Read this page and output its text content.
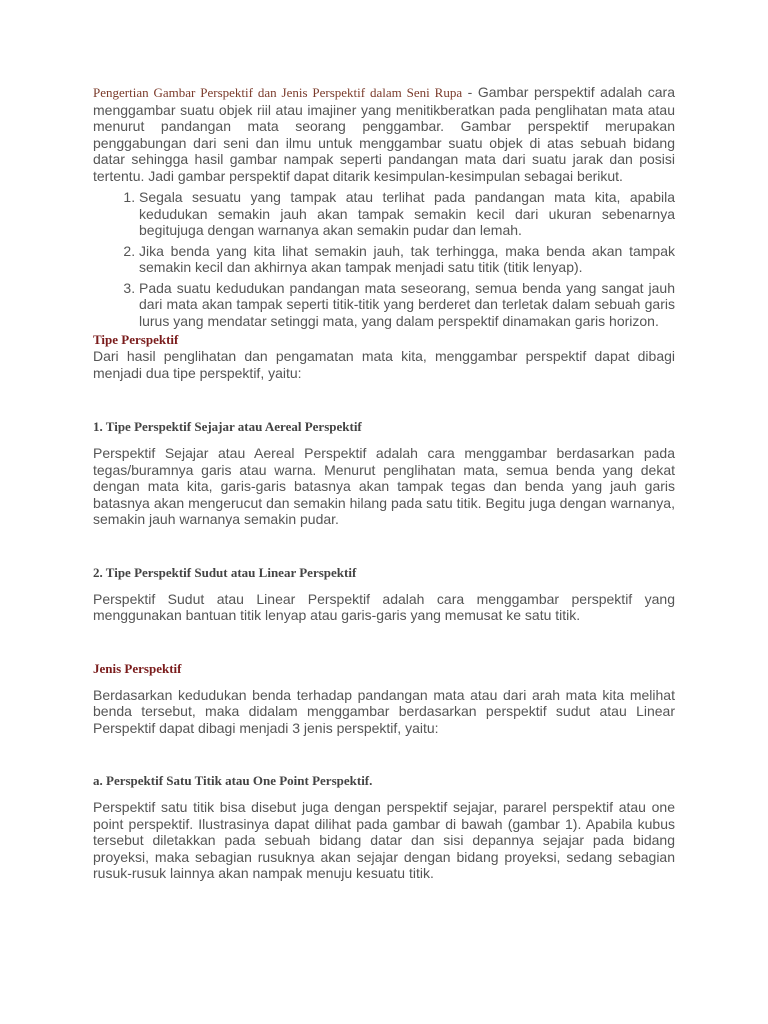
Pengertian Gambar Perspektif dan Jenis Perspektif dalam Seni Rupa - Gambar perspektif adalah cara menggambar suatu objek riil atau imajiner yang menitikberatkan pada penglihatan mata atau menurut pandangan mata seorang penggambar. Gambar perspektif merupakan penggabungan dari seni dan ilmu untuk menggambar suatu objek di atas sebuah bidang datar sehingga hasil gambar nampak seperti pandangan mata dari suatu jarak dan posisi tertentu. Jadi gambar perspektif dapat ditarik kesimpulan-kesimpulan sebagai berikut.

1. Segala sesuatu yang tampak atau terlihat pada pandangan mata kita, apabila kedudukan semakin jauh akan tampak semakin kecil dari ukuran sebenarnya begitujuga dengan warnanya akan semakin pudar dan lemah.
2. Jika benda yang kita lihat semakin jauh, tak terhingga, maka benda akan tampak semakin kecil dan akhirnya akan tampak menjadi satu titik (titik lenyap).
3. Pada suatu kedudukan pandangan mata seseorang, semua benda yang sangat jauh dari mata akan tampak seperti titik-titik yang berderet dan terletak dalam sebuah garis lurus yang mendatar setinggi mata, yang dalam perspektif dinamakan garis horizon.
Tipe Perspektif

Dari hasil penglihatan dan pengamatan mata kita, menggambar perspektif dapat dibagi menjadi dua tipe perspektif, yaitu:

1. Tipe Perspektif Sejajar atau Aereal Perspektif

Perspektif Sejajar atau Aereal Perspektif adalah cara menggambar berdasarkan pada tegas/buramnya garis atau warna. Menurut penglihatan mata, semua benda yang dekat dengan mata kita, garis-garis batasnya akan tampak tegas dan benda yang jauh garis batasnya akan mengerucut dan semakin hilang pada satu titik. Begitu juga dengan warnanya, semakin jauh warnanya semakin pudar.

2. Tipe Perspektif Sudut atau Linear Perspektif

Perspektif Sudut atau Linear Perspektif adalah cara menggambar perspektif yang menggunakan bantuan titik lenyap atau garis-garis yang memusat ke satu titik.

Jenis Perspektif

Berdasarkan kedudukan benda terhadap pandangan mata atau dari arah mata kita melihat benda tersebut, maka didalam menggambar berdasarkan perspektif sudut atau Linear Perspektif dapat dibagi menjadi 3 jenis perspektif, yaitu:

a. Perspektif Satu Titik atau One Point Perspektif.

Perspektif satu titik bisa disebut juga dengan perspektif sejajar, pararel perspektif atau one point perspektif. Ilustrasinya dapat dilihat pada gambar di bawah (gambar 1). Apabila kubus tersebut diletakkan pada sebuah bidang datar dan sisi depannya sejajar pada bidang proyeksi, maka sebagian rusuknya akan sejajar dengan bidang proyeksi, sedang sebagian rusuk-rusuk lainnya akan nampak menuju kesuatu titik.
